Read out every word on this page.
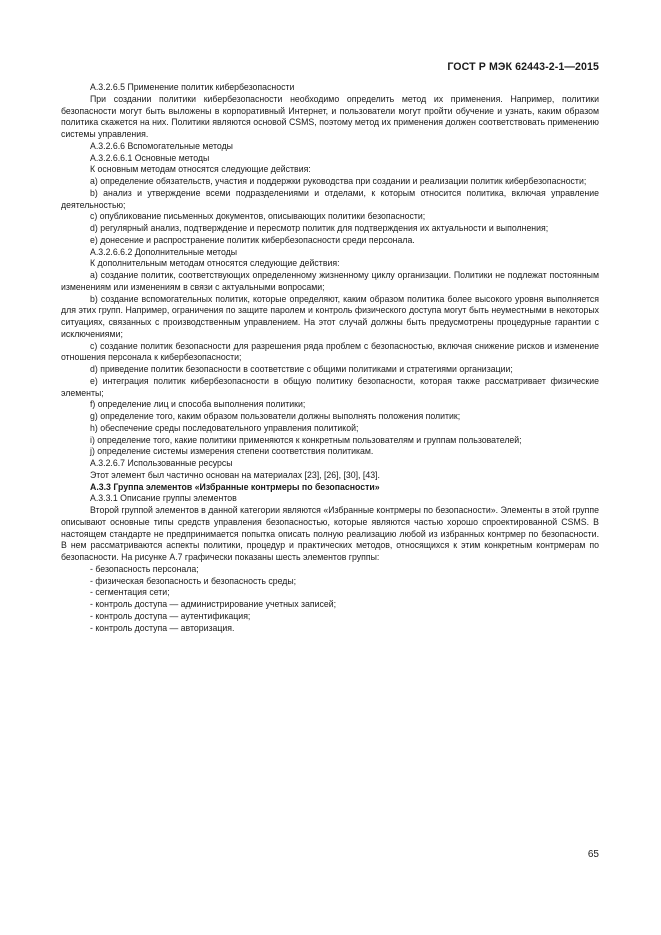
ГОСТ Р МЭК 62443-2-1—2015

А.3.2.6.5 Применение политик кибербезопасности

При создании политики кибербезопасности необходимо определить метод их применения. Например, политики безопасности могут быть выложены в корпоративный Интернет, и пользователи могут пройти обучение и узнать, каким образом политика скажется на них. Политики являются основой CSMS, поэтому метод их применения должен соответствовать применению системы управления.

А.3.2.6.6 Вспомогательные методы

А.3.2.6.6.1 Основные методы

К основным методам относятся следующие действия:

а) определение обязательств, участия и поддержки руководства при создании и реализации политик кибербезопасности;

b) анализ и утверждение всеми подразделениями и отделами, к которым относится политика, включая управление деятельностью;

с) опубликование письменных документов, описывающих политики безопасности;

d) регулярный анализ, подтверждение и пересмотр политик для подтверждения их актуальности и выполнения;

е) донесение и распространение политик кибербезопасности среди персонала.

А.3.2.6.6.2 Дополнительные методы

К дополнительным методам относятся следующие действия:

а) создание политик, соответствующих определенному жизненному циклу организации. Политики не подлежат постоянным изменениям или изменениям в связи с актуальными вопросами;

b) создание вспомогательных политик, которые определяют, каким образом политика более высокого уровня выполняется для этих групп. Например, ограничения по защите паролем и контроль физического доступа могут быть неуместными в некоторых ситуациях, связанных с производственным управлением. На этот случай должны быть предусмотрены процедурные гарантии с исключениями;

с) создание политик безопасности для разрешения ряда проблем с безопасностью, включая снижение рисков и изменение отношения персонала к кибербезопасности;

d) приведение политик безопасности в соответствие с общими политиками и стратегиями организации;

е) интеграция политик кибербезопасности в общую политику безопасности, которая также рассматривает физические элементы;

f) определение лиц и способа выполнения политики;

g) определение того, каким образом пользователи должны выполнять положения политик;

h) обеспечение среды последовательного управления политикой;

i) определение того, какие политики применяются к конкретным пользователям и группам пользователей;

j) определение системы измерения степени соответствия политикам.

А.3.2.6.7 Использованные ресурсы

Этот элемент был частично основан на материалах [23], [26], [30], [43].

А.3.3 Группа элементов «Избранные контрмеры по безопасности»

А.3.3.1 Описание группы элементов

Второй группой элементов в данной категории являются «Избранные контрмеры по безопасности». Элементы в этой группе описывают основные типы средств управления безопасностью, которые являются частью хорошо спроектированной CSMS. В настоящем стандарте не предпринимается попытка описать полную реализацию любой из избранных контрмер по безопасности. В нем рассматриваются аспекты политики, процедур и практических методов, относящихся к этим конкретным контрмерам по безопасности. На рисунке А.7 графически показаны шесть элементов группы:

- безопасность персонала;

- физическая безопасность и безопасность среды;

- сегментация сети;

- контроль доступа — администрирование учетных записей;

- контроль доступа — аутентификация;

- контроль доступа — авторизация.

65
